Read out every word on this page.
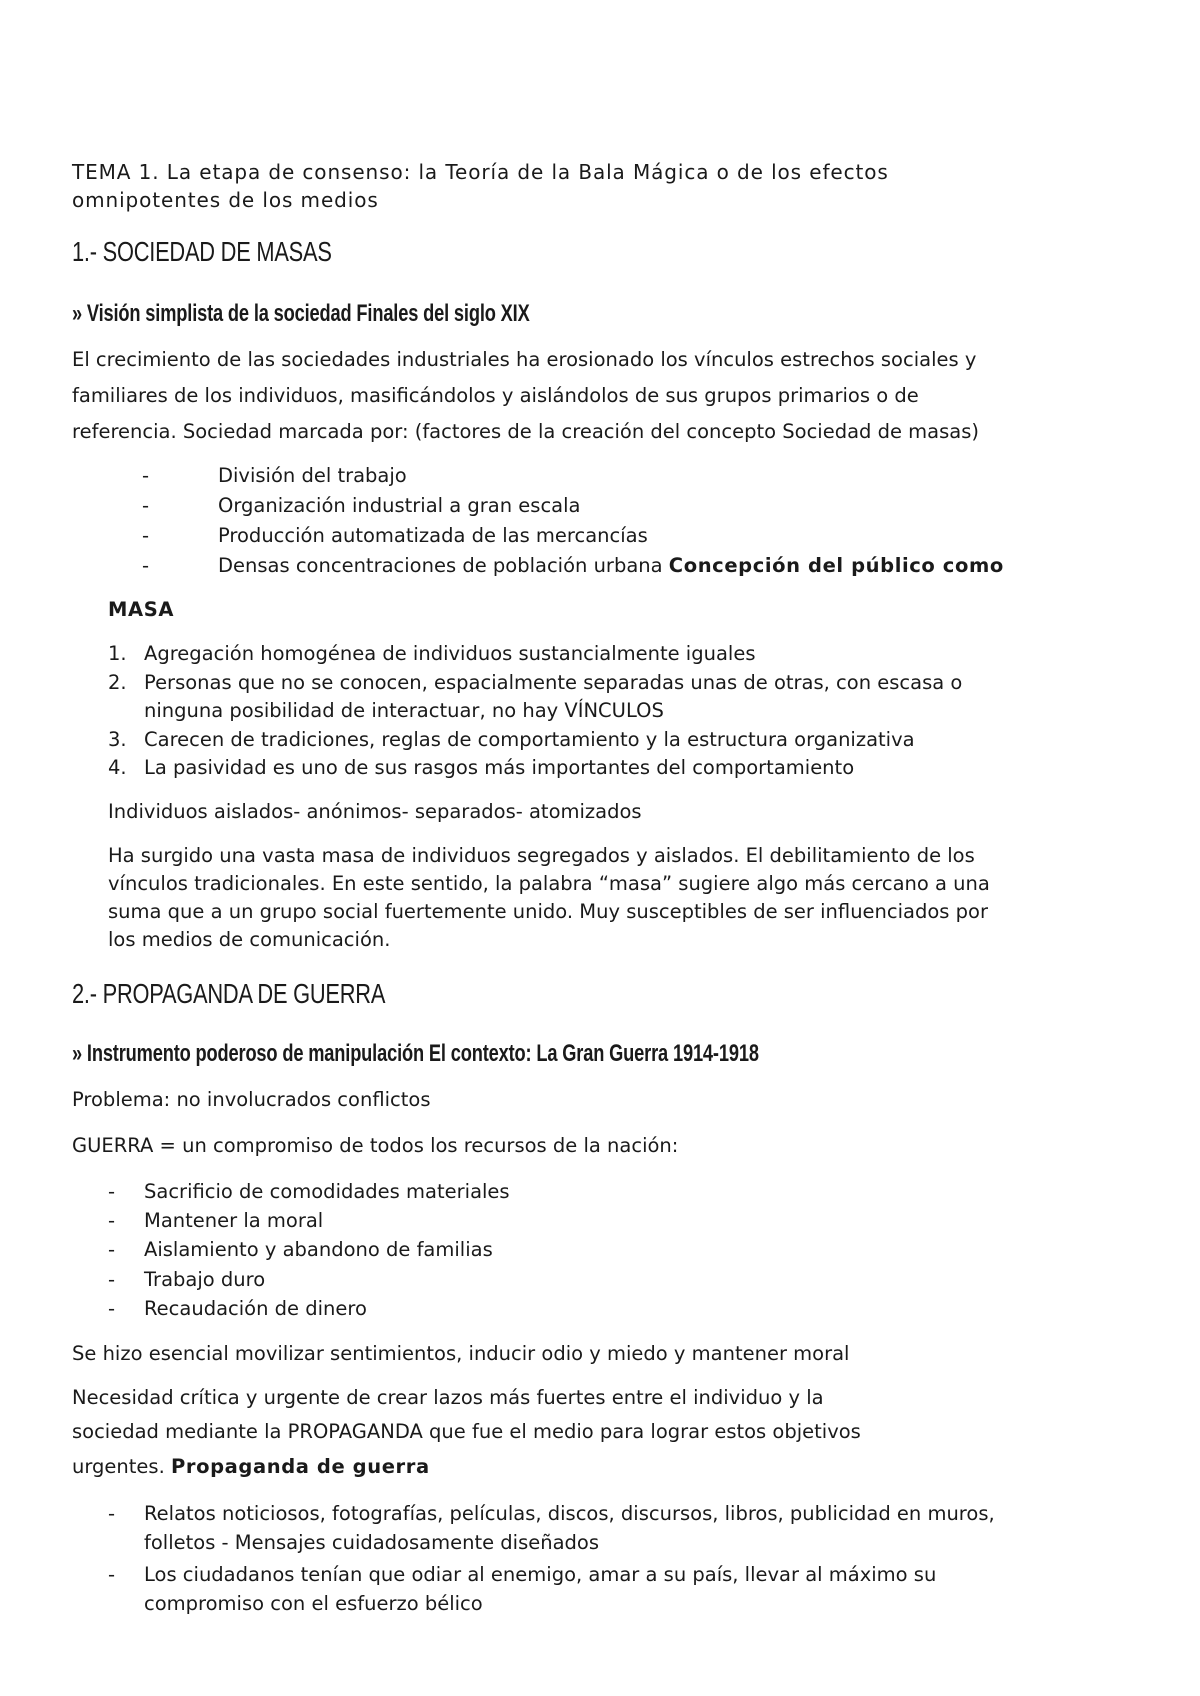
TEMA 1. La etapa de consenso: la Teoría de la Bala Mágica o de los efectos
omnipotentes de los medios
1.- SOCIEDAD DE MASAS
» Visión simplista de la sociedad Finales del siglo XIX
El crecimiento de las sociedades industriales ha erosionado los vínculos estrechos sociales y
familiares de los individuos, masificándolos y aislándolos de sus grupos primarios o de
referencia. Sociedad marcada por: (factores de la creación del concepto Sociedad de masas)
-	División del trabajo
-	Organización industrial a gran escala
-	Producción automatizada de las mercancías
-	Densas concentraciones de población urbana Concepción del público como
MASA
1. Agregación homogénea de individuos sustancialmente iguales
2. Personas que no se conocen, espacialmente separadas unas de otras, con escasa o
ninguna posibilidad de interactuar, no hay VÍNCULOS
3. Carecen de tradiciones, reglas de comportamiento y la estructura organizativa
4. La pasividad es uno de sus rasgos más importantes del comportamiento
Individuos aislados- anónimos- separados- atomizados
Ha surgido una vasta masa de individuos segregados y aislados. El debilitamiento de los
vínculos tradicionales. En este sentido, la palabra “masa” sugiere algo más cercano a una
suma que a un grupo social fuertemente unido. Muy susceptibles de ser influenciados por
los medios de comunicación.
2.- PROPAGANDA DE GUERRA
» Instrumento poderoso de manipulación El contexto: La Gran Guerra 1914-1918
Problema: no involucrados conflictos
GUERRA = un compromiso de todos los recursos de la nación:
- Sacrificio de comodidades materiales
- Mantener la moral
- Aislamiento y abandono de familias
- Trabajo duro
- Recaudación de dinero
Se hizo esencial movilizar sentimientos, inducir odio y miedo y mantener moral
Necesidad crítica y urgente de crear lazos más fuertes entre el individuo y la
sociedad mediante la PROPAGANDA que fue el medio para lograr estos objetivos
urgentes. Propaganda de guerra
- Relatos noticiosos, fotografías, películas, discos, discursos, libros, publicidad en muros,
folletos - Mensajes cuidadosamente diseñados
- Los ciudadanos tenían que odiar al enemigo, amar a su país, llevar al máximo su
compromiso con el esfuerzo bélico
